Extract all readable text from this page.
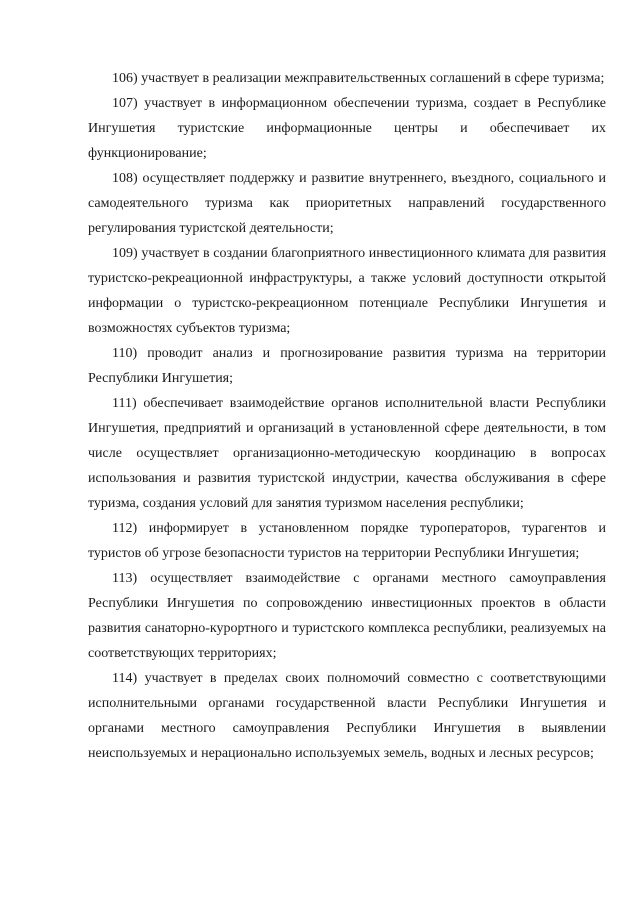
106) участвует в реализации межправительственных соглашений в сфере туризма;

107) участвует в информационном обеспечении туризма, создает в Республике Ингушетия туристские информационные центры и обеспечивает их функционирование;

108) осуществляет поддержку и развитие внутреннего, въездного, социального и самодеятельного туризма как приоритетных направлений государственного регулирования туристской деятельности;

109) участвует в создании благоприятного инвестиционного климата для развития туристско-рекреационной инфраструктуры, а также условий доступности открытой информации о туристско-рекреационном потенциале Республики Ингушетия и возможностях субъектов туризма;

110) проводит анализ и прогнозирование развития туризма на территории Республики Ингушетия;

111) обеспечивает взаимодействие органов исполнительной власти Республики Ингушетия, предприятий и организаций в установленной сфере деятельности, в том числе осуществляет организационно-методическую координацию в вопросах использования и развития туристской индустрии, качества обслуживания в сфере туризма, создания условий для занятия туризмом населения республики;

112) информирует в установленном порядке туроператоров, турагентов и туристов об угрозе безопасности туристов на территории Республики Ингушетия;

113) осуществляет взаимодействие с органами местного самоуправления Республики Ингушетия по сопровождению инвестиционных проектов в области развития санаторно-курортного и туристского комплекса республики, реализуемых на соответствующих территориях;

114) участвует в пределах своих полномочий совместно с соответствующими исполнительными органами государственной власти Республики Ингушетия и органами местного самоуправления Республики Ингушетия в выявлении неиспользуемых и нерационально используемых земель, водных и лесных ресурсов;
